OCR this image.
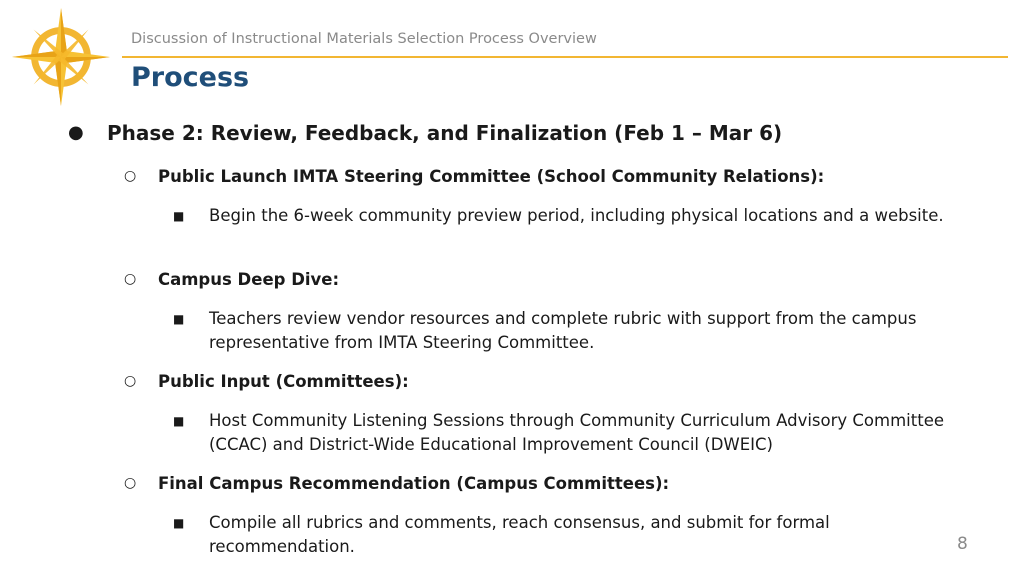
Discussion of Instructional Materials Selection Process Overview
Process
● Phase 2: Review, Feedback, and Finalization (Feb 1 – Mar 6)
○ Public Launch IMTA Steering Committee (School Community Relations):
■ Begin the 6-week community preview period, including physical locations and a website.
○ Campus Deep Dive:
■ Teachers review vendor resources and complete rubric with support from the campus representative from IMTA Steering Committee.
○ Public Input (Committees):
■ Host Community Listening Sessions through Community Curriculum Advisory Committee (CCAC) and District-Wide Educational Improvement Council (DWEIC)
○ Final Campus Recommendation (Campus Committees):
■ Compile all rubrics and comments, reach consensus, and submit for formal recommendation.	8
